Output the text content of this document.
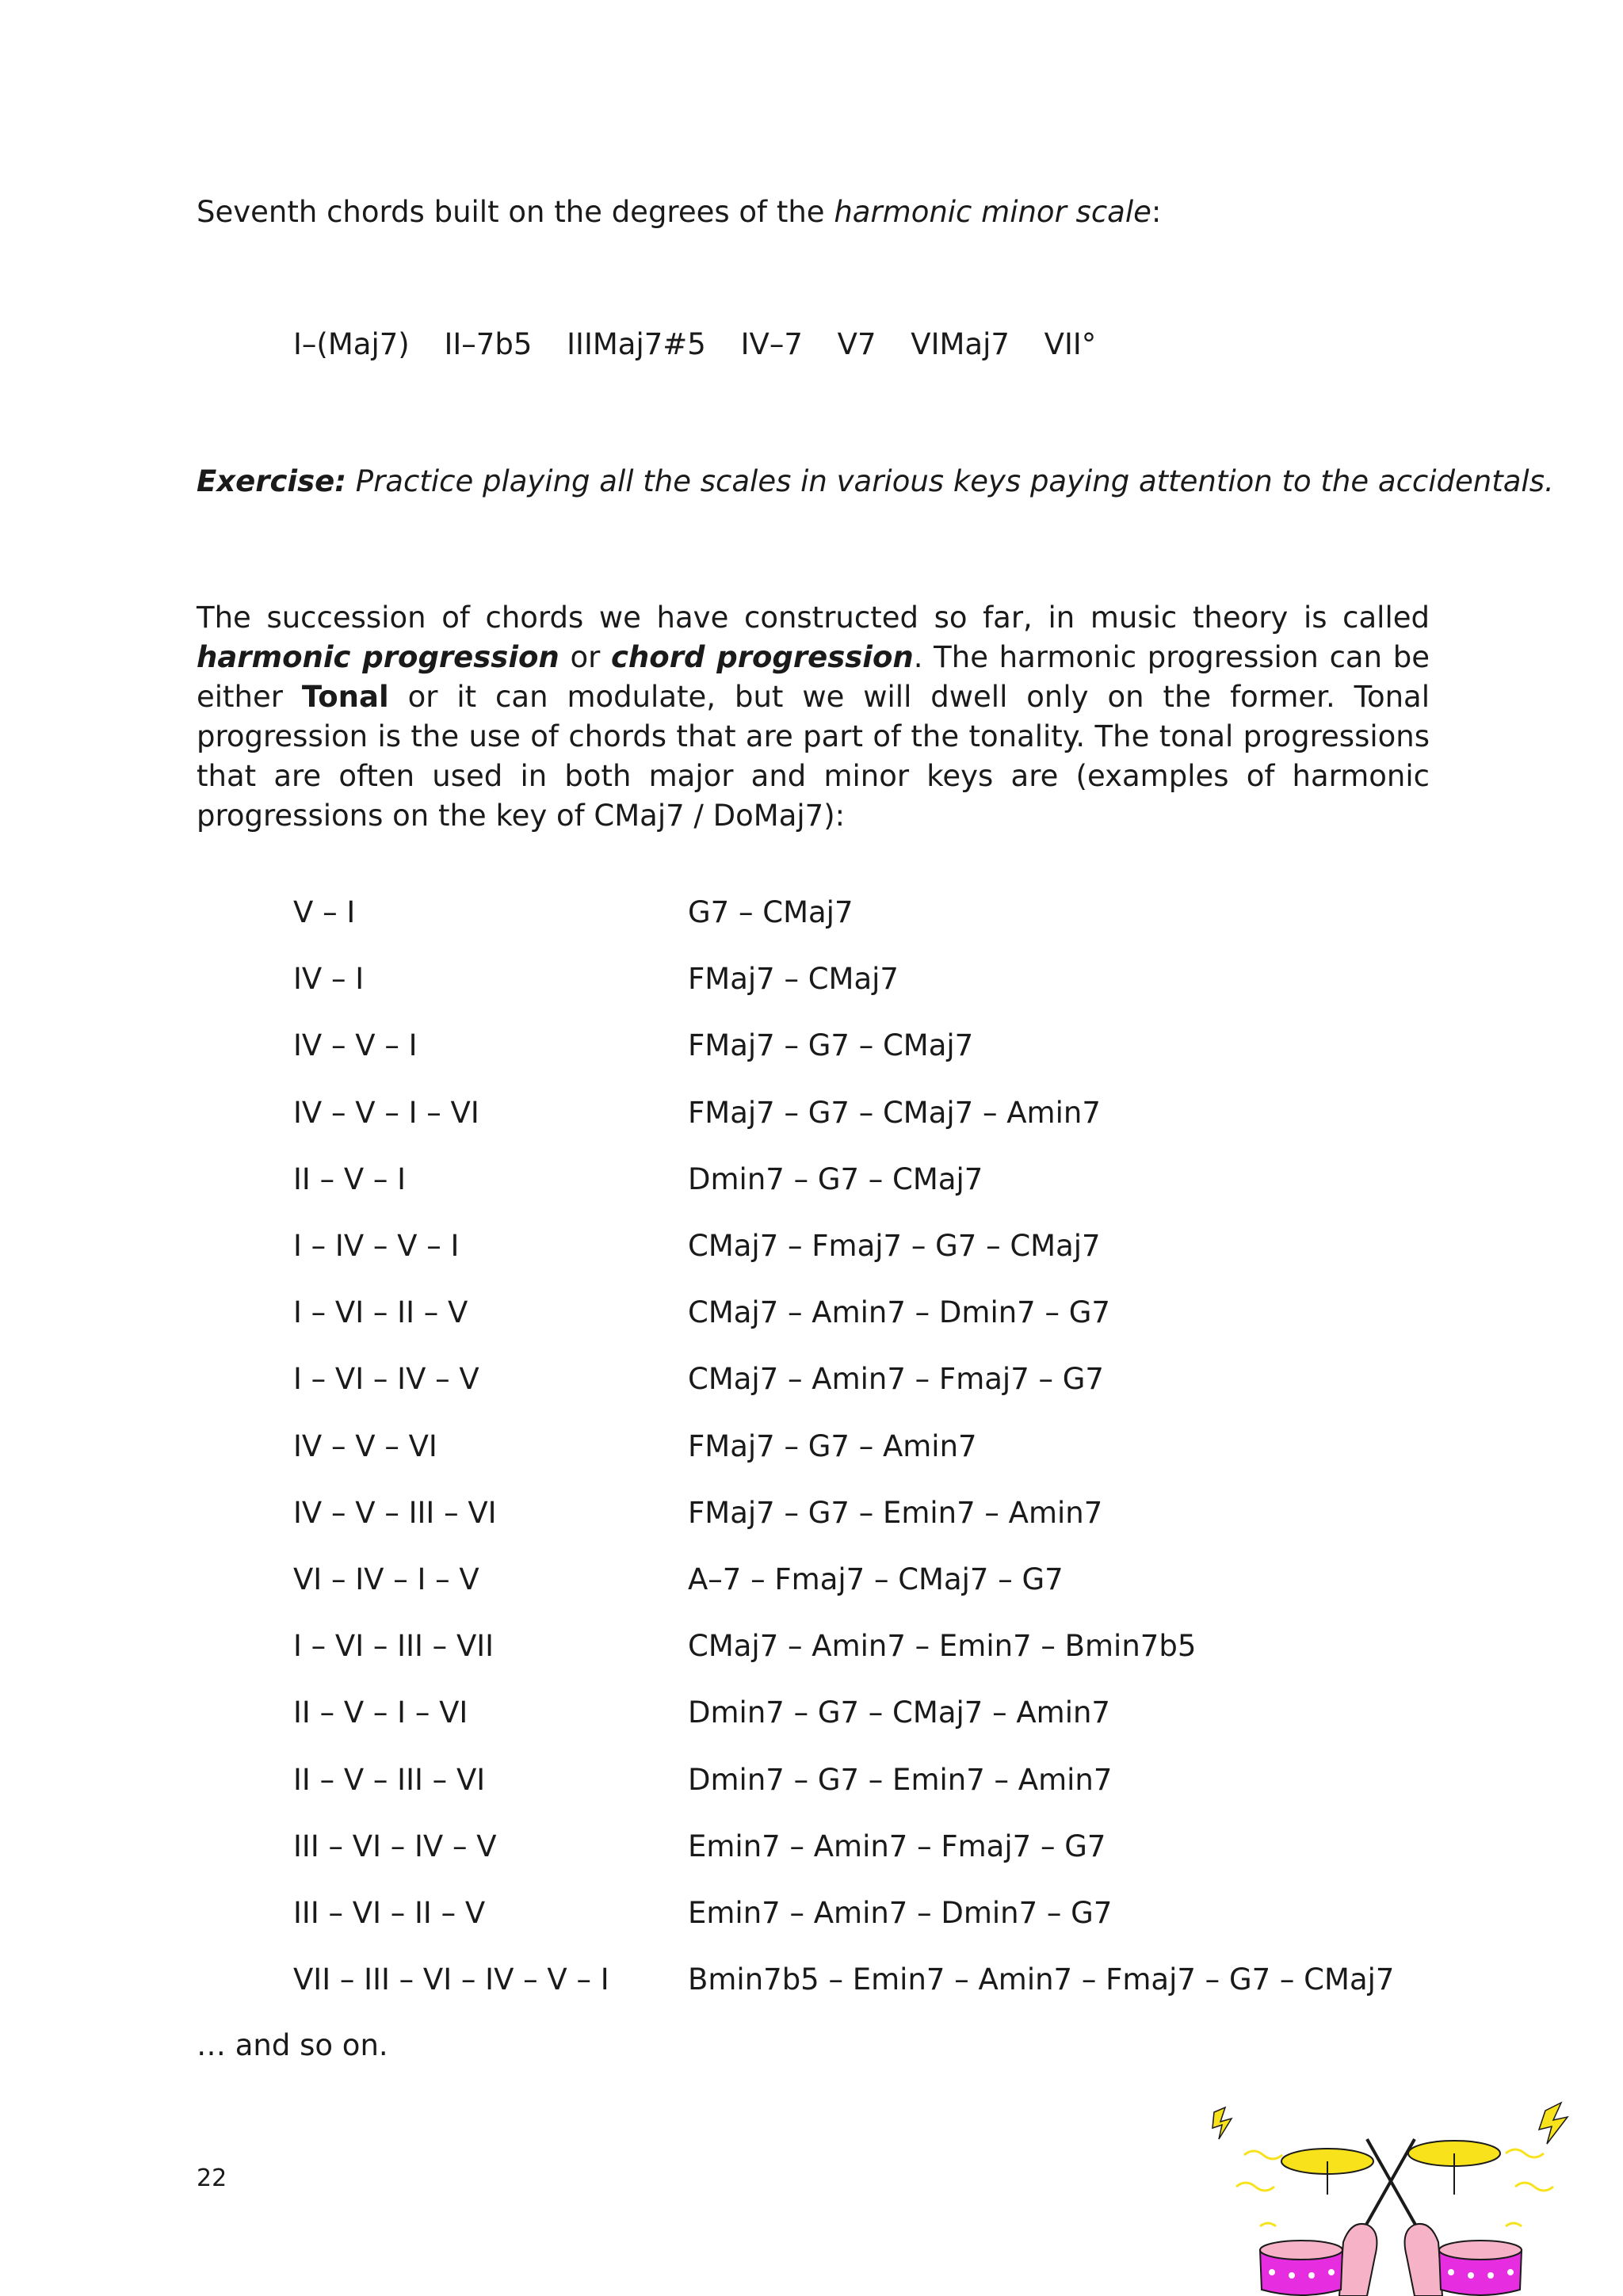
Seventh chords built on the degrees of the harmonic minor scale:

I–(Maj7) II–7b5 IIIMaj7#5 IV–7 V7 VIMaj7 VII°

Exercise: Practice playing all the scales in various keys paying attention to the accidentals.

The succession of chords we have constructed so far, in music theory is called harmonic progression or chord progression. The harmonic progression can be either Tonal or it can modulate, but we will dwell only on the former. Tonal progression is the use of chords that are part of the tonality. The tonal progressions that are often used in both major and minor keys are (examples of harmonic progressions on the key of CMaj7 / DoMaj7):

V – I	G7 – CMaj7
IV – I	FMaj7 – CMaj7
IV – V – I	FMaj7 – G7 – CMaj7
IV – V – I – VI	FMaj7 – G7 – CMaj7 – Amin7
II – V – I	Dmin7 – G7 – CMaj7
I – IV – V – I	CMaj7 – Fmaj7 – G7 – CMaj7
I – VI – II – V	CMaj7 – Amin7 – Dmin7 – G7
I – VI – IV – V	CMaj7 – Amin7 – Fmaj7 – G7
IV – V – VI	FMaj7 – G7 – Amin7
IV – V – III – VI	FMaj7 – G7 – Emin7 – Amin7
VI – IV – I – V	A–7 – Fmaj7 – CMaj7 – G7
I – VI – III – VII	CMaj7 – Amin7 – Emin7 – Bmin7b5
II – V – I – VI	Dmin7 – G7 – CMaj7 – Amin7
II – V – III – VI	Dmin7 – G7 – Emin7 – Amin7
III – VI – IV – V	Emin7 – Amin7 – Fmaj7 – G7
III – VI – II – V	Emin7 – Amin7 – Dmin7 – G7
VII – III – VI – IV – V – I	Bmin7b5 – Emin7 – Amin7 – Fmaj7 – G7 – CMaj7

… and so on.

22
